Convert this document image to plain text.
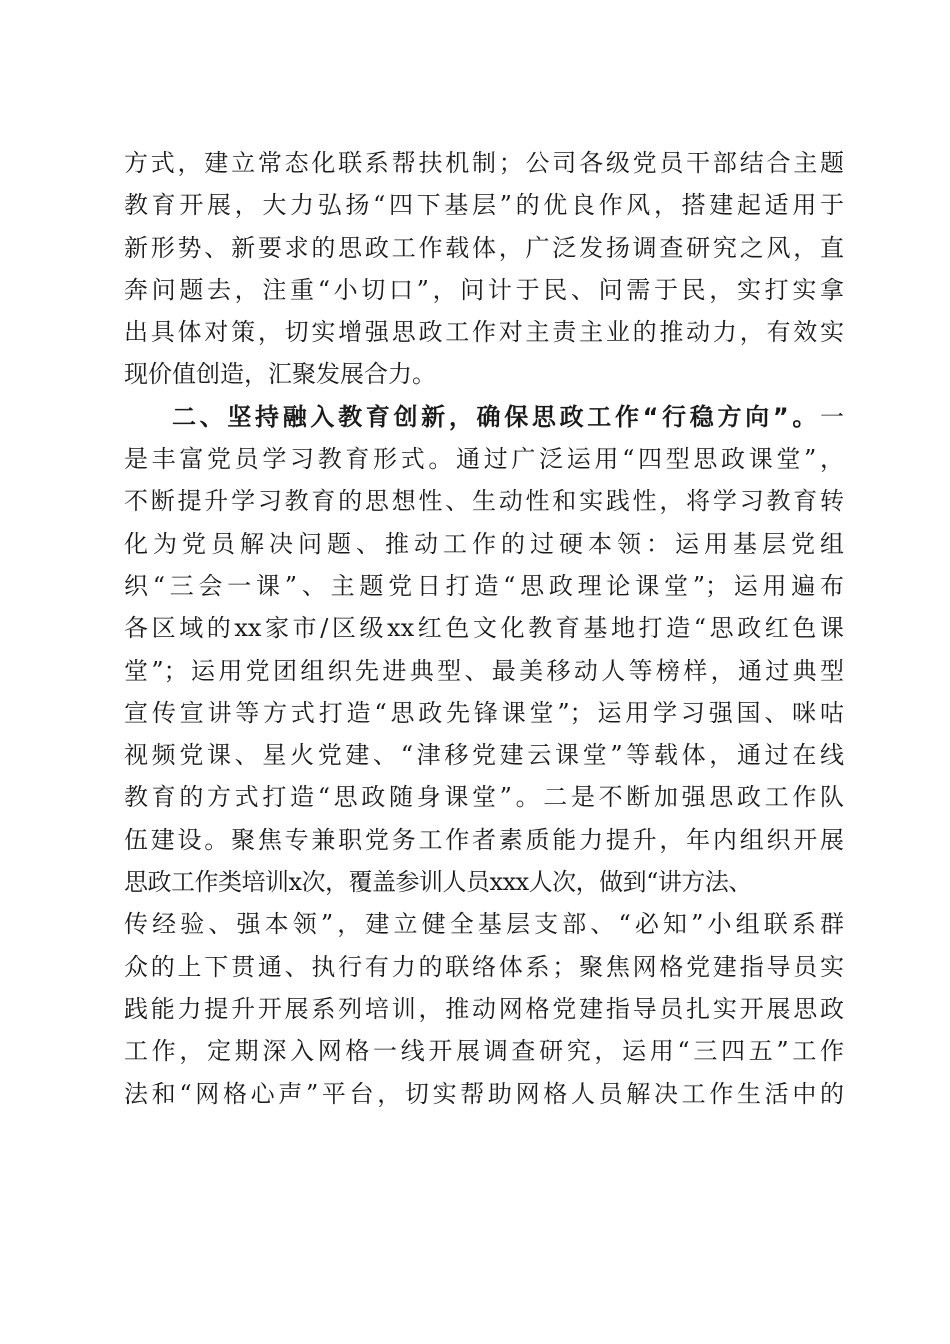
方式，建立常态化联系帮扶机制；公司各级党员干部结合主题
教育开展，大力弘扬“四下基层”的优良作风，搭建起适用于
新形势、新要求的思政工作载体，广泛发扬调查研究之风，直
奔问题去，注重“小切口”，问计于民、问需于民，实打实拿
出具体对策，切实增强思政工作对主责主业的推动力，有效实
现价值创造，汇聚发展合力。
二、坚持融入教育创新，确保思政工作“行稳方向”。一
是丰富党员学习教育形式。通过广泛运用“四型思政课堂”，
不断提升学习教育的思想性、生动性和实践性，将学习教育转
化为党员解决问题、推动工作的过硬本领：运用基层党组
织“三会一课”、主题党日打造“思政理论课堂”；运用遍布
各区域的xx家市/区级xx红色文化教育基地打造“思政红色课
堂”；运用党团组织先进典型、最美移动人等榜样，通过典型
宣传宣讲等方式打造“思政先锋课堂”；运用学习强国、咪咕
视频党课、星火党建、“津移党建云课堂”等载体，通过在线
教育的方式打造“思政随身课堂”。二是不断加强思政工作队
伍建设。聚焦专兼职党务工作者素质能力提升，年内组织开展
思政工作类培训x次，覆盖参训人员xxx人次，做到“讲方法、
传经验、强本领”，建立健全基层支部、“必知”小组联系群
众的上下贯通、执行有力的联络体系；聚焦网格党建指导员实
践能力提升开展系列培训，推动网格党建指导员扎实开展思政
工作，定期深入网格一线开展调查研究，运用“三四五”工作
法和“网格心声”平台，切实帮助网格人员解决工作生活中的
